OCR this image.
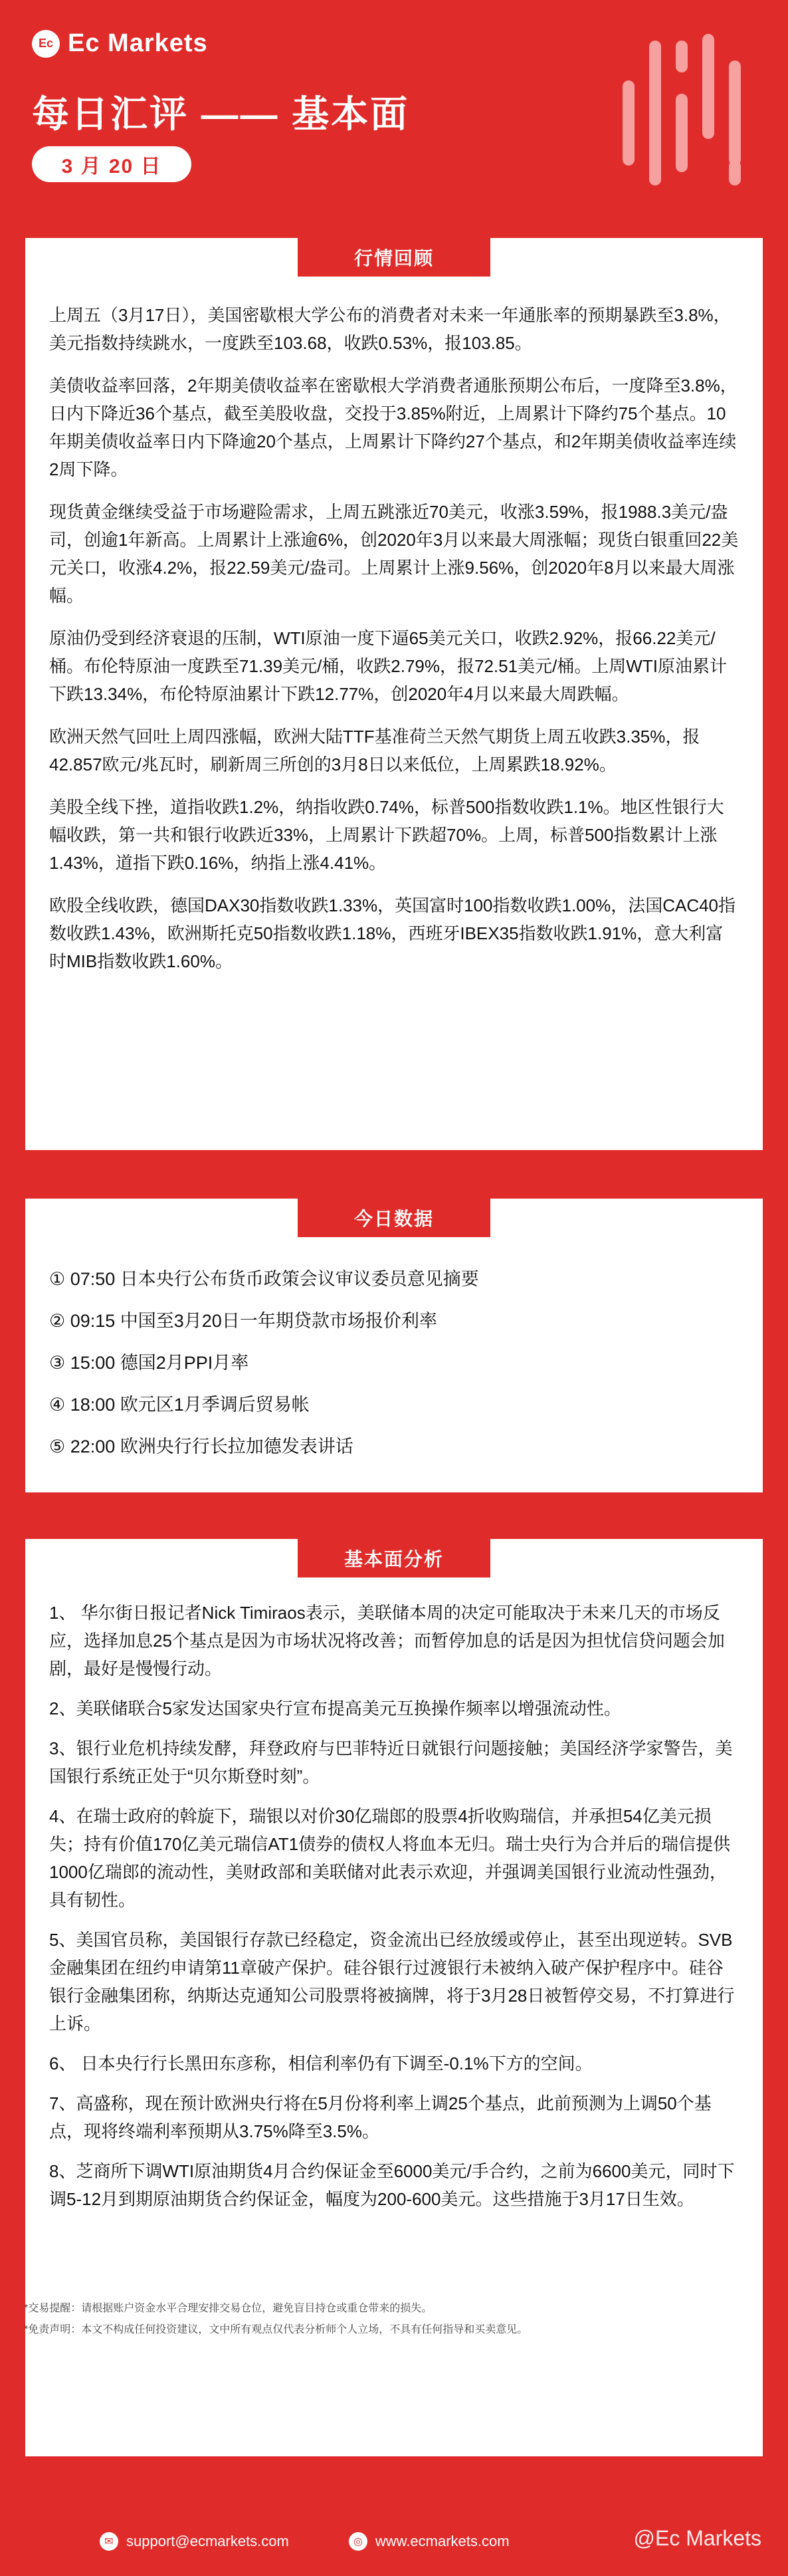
Ec Ec Markets
每日汇评 —— 基本面
3 月 20 日
行情回顾

上周五（3月17日），美国密歇根大学公布的消费者对未来一年通胀率的预期暴跌至3.8%，美元指数持续跳水，一度跌至103.68，收跌0.53%，报103.85。

美债收益率回落，2年期美债收益率在密歇根大学消费者通胀预期公布后，一度降至3.8%，日内下降近36个基点，截至美股收盘，交投于3.85%附近，上周累计下降约75个基点。10年期美债收益率日内下降逾20个基点，上周累计下降约27个基点，和2年期美债收益率连续2周下降。

现货黄金继续受益于市场避险需求，上周五跳涨近70美元，收涨3.59%，报1988.3美元/盎司，创逾1年新高。上周累计上涨逾6%，创2020年3月以来最大周涨幅；现货白银重回22美元关口，收涨4.2%，报22.59美元/盎司。上周累计上涨9.56%，创2020年8月以来最大周涨幅。

原油仍受到经济衰退的压制，WTI原油一度下逼65美元关口，收跌2.92%，报66.22美元/桶。布伦特原油一度跌至71.39美元/桶，收跌2.79%，报72.51美元/桶。上周WTI原油累计下跌13.34%，布伦特原油累计下跌12.77%，创2020年4月以来最大周跌幅。

欧洲天然气回吐上周四涨幅，欧洲大陆TTF基准荷兰天然气期货上周五收跌3.35%，报42.857欧元/兆瓦时，刷新周三所创的3月8日以来低位，上周累跌18.92%。

美股全线下挫，道指收跌1.2%，纳指收跌0.74%，标普500指数收跌1.1%。地区性银行大幅收跌，第一共和银行收跌近33%，上周累计下跌超70%。上周，标普500指数累计上涨1.43%，道指下跌0.16%，纳指上涨4.41%。

欧股全线收跌，德国DAX30指数收跌1.33%，英国富时100指数收跌1.00%，法国CAC40指数收跌1.43%，欧洲斯托克50指数收跌1.18%，西班牙IBEX35指数收跌1.91%，意大利富时MIB指数收跌1.60%。

今日数据

① 07:50 日本央行公布货币政策会议审议委员意见摘要

② 09:15 中国至3月20日一年期贷款市场报价利率

③ 15:00 德国2月PPI月率

④ 18:00 欧元区1月季调后贸易帐

⑤ 22:00 欧洲央行行长拉加德发表讲话

基本面分析

1、 华尔街日报记者Nick Timiraos表示，美联储本周的决定可能取决于未来几天的市场反应，选择加息25个基点是因为市场状况将改善；而暂停加息的话是因为担忧信贷问题会加剧，最好是慢慢行动。

2、美联储联合5家发达国家央行宣布提高美元互换操作频率以增强流动性。

3、银行业危机持续发酵，拜登政府与巴菲特近日就银行问题接触；美国经济学家警告，美国银行系统正处于“贝尔斯登时刻”。

4、在瑞士政府的斡旋下，瑞银以对价30亿瑞郎的股票4折收购瑞信，并承担54亿美元损失；持有价值170亿美元瑞信AT1债券的债权人将血本无归。瑞士央行为合并后的瑞信提供1000亿瑞郎的流动性，美财政部和美联储对此表示欢迎，并强调美国银行业流动性强劲，具有韧性。

5、美国官员称，美国银行存款已经稳定，资金流出已经放缓或停止，甚至出现逆转。SVB金融集团在纽约申请第11章破产保护。硅谷银行过渡银行未被纳入破产保护程序中。硅谷银行金融集团称，纳斯达克通知公司股票将被摘牌，将于3月28日被暂停交易，不打算进行上诉。

6、 日本央行行长黑田东彦称，相信利率仍有下调至-0.1%下方的空间。

7、高盛称，现在预计欧洲央行将在5月份将利率上调25个基点，此前预测为上调50个基点，现将终端利率预期从3.75%降至3.5%。

8、芝商所下调WTI原油期货4月合约保证金至6000美元/手合约，之前为6600美元，同时下调5-12月到期原油期货合约保证金，幅度为200-600美元。这些措施于3月17日生效。

*交易提醒：请根据账户资金水平合理安排交易仓位，避免盲目持仓或重仓带来的损失。

*免责声明：本文不构成任何投资建议，文中所有观点仅代表分析师个人立场，不具有任何指导和买卖意见。

✉ support@ecmarkets.com	◎ www.ecmarkets.com	@Ec Markets
